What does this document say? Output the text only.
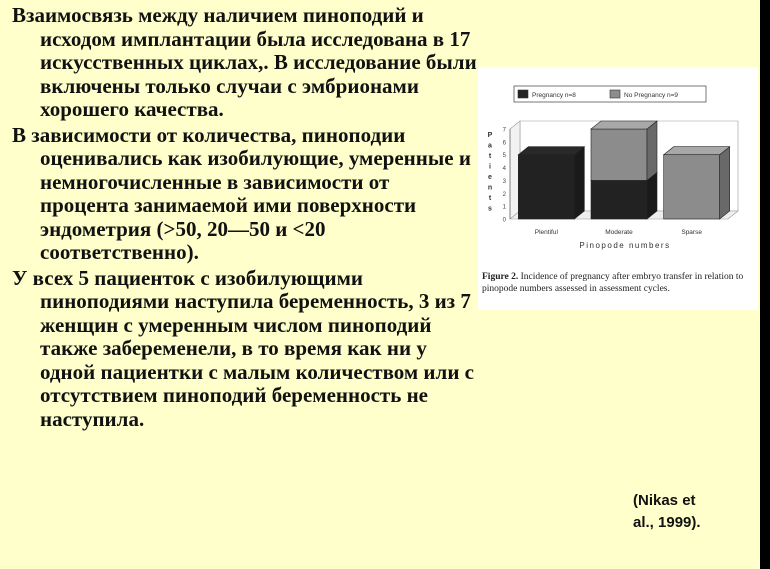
Взаимосвязь между наличием пиноподий и исходом имплантации была исследована в 17 искусственных циклах,. В исследование были включены только случаи с эмбрионами хорошего качества.

В зависимости от количества, пиноподии оценивались как изобилующие, умеренные и немногочисленные в зависимости от процента занимаемой ими поверхности эндометрия (>50, 20—50 и <20 соответственно).

У всех 5 пациенток с изобилующими пиноподиями наступила беременность, 3 из 7 женщин с умеренным числом пиноподий также забеременели, в то время как ни у одной пациентки с малым количеством или с отсутствием пиноподий беременность не наступила.

Pregnancy n=8	No Pregnancy n=9
0
1
2
3
4
5
6
7
P
a
t
i
e
n
t
s
Plentiful	Moderate	Sparse
Pinopode numbers
Figure 2. Incidence of pregnancy after embryo transfer in relation to pinopode numbers assessed in assessment cycles.
(Nikas et
al., 1999).
